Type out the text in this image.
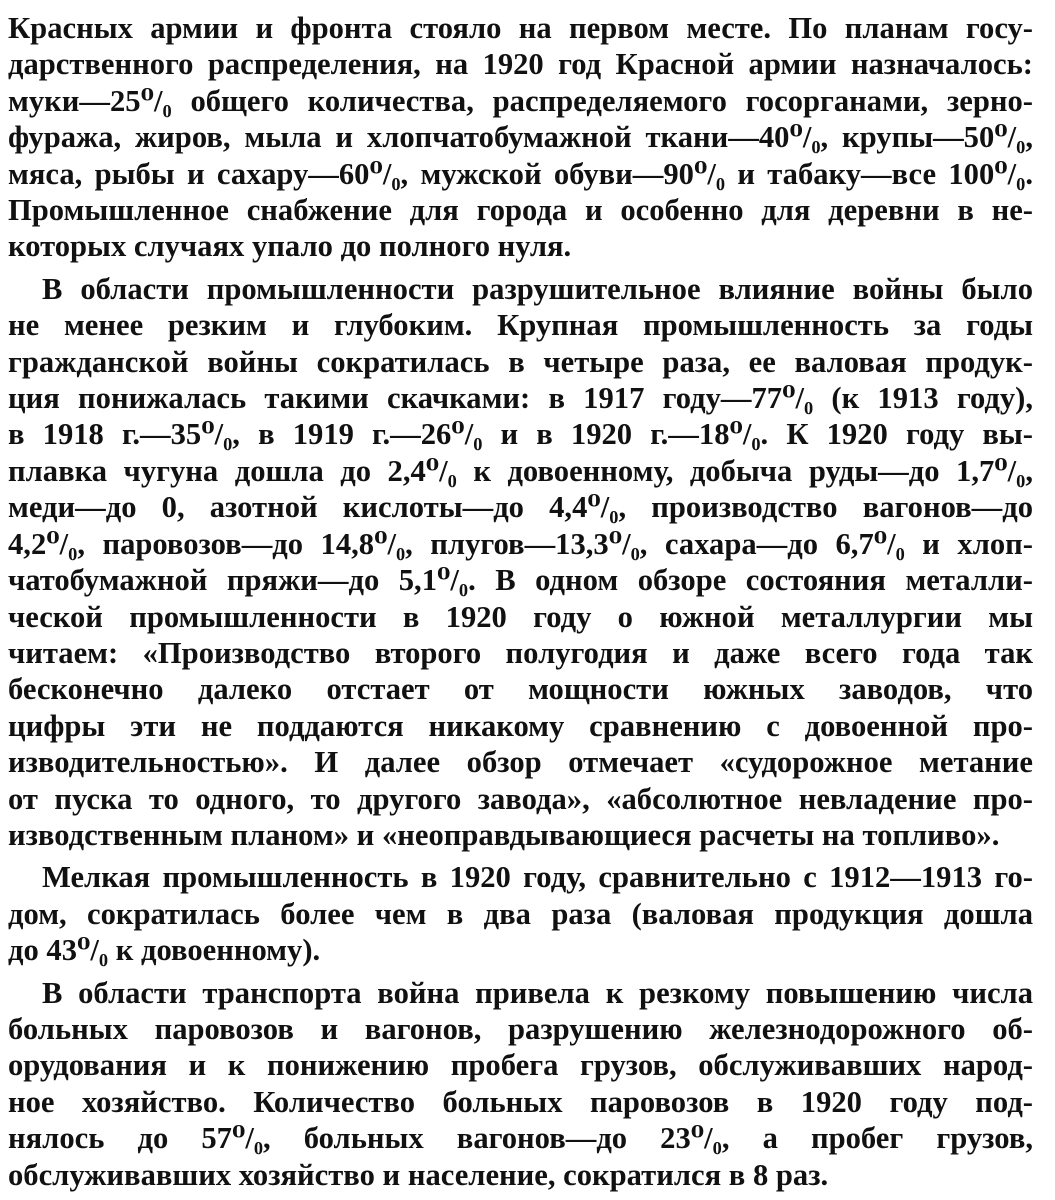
Красных армии и фронта стояло на первом месте. По планам госу-
дарственного распределения, на 1920 год Красной армии назначалось:
муки—25⁰/₀ общего количества, распределяемого госорганами, зерно-
фуража, жиров, мыла и хлопчатобумажной ткани—40⁰/₀, крупы—50⁰/₀,
мяса, рыбы и сахару—60⁰/₀, мужской обуви—90⁰/₀ и табаку—все 100⁰/₀.
Промышленное снабжение для города и особенно для деревни в не-
которых случаях упало до полного нуля.
В области промышленности разрушительное влияние войны было
не менее резким и глубоким. Крупная промышленность за годы
гражданской войны сократилась в четыре раза, ее валовая продук-
ция понижалась такими скачками: в 1917 году—77⁰/₀ (к 1913 году),
в 1918 г.—35⁰/₀, в 1919 г.—26⁰/₀ и в 1920 г.—18⁰/₀. К 1920 году вы-
плавка чугуна дошла до 2,4⁰/₀ к довоенному, добыча руды—до 1,7⁰/₀,
меди—до 0, азотной кислоты—до 4,4⁰/₀, производство вагонов—до
4,2⁰/₀, паровозов—до 14,8⁰/₀, плугов—13,3⁰/₀, сахара—до 6,7⁰/₀ и хлоп-
чатобумажной пряжи—до 5,1⁰/₀. В одном обзоре состояния металли-
ческой промышленности в 1920 году о южной металлургии мы
читаем: «Производство второго полугодия и даже всего года так
бесконечно далеко отстает от мощности южных заводов, что
цифры эти не поддаются никакому сравнению с довоенной про-
изводительностью». И далее обзор отмечает «судорожное метание
от пуска то одного, то другого завода», «абсолютное невладение про-
изводственным планом» и «неоправдывающиеся расчеты на топливо».
Мелкая промышленность в 1920 году, сравнительно с 1912—1913 го-
дом, сократилась более чем в два раза (валовая продукция дошла
до 43⁰/₀ к довоенному).
В области транспорта война привела к резкому повышению числа
больных паровозов и вагонов, разрушению железнодорожного об-
орудования и к понижению пробега грузов, обслуживавших народ-
ное хозяйство. Количество больных паровозов в 1920 году под-
нялось до 57⁰/₀, больных вагонов—до 23⁰/₀, а пробег грузов,
обслуживавших хозяйство и население, сократился в 8 раз.
